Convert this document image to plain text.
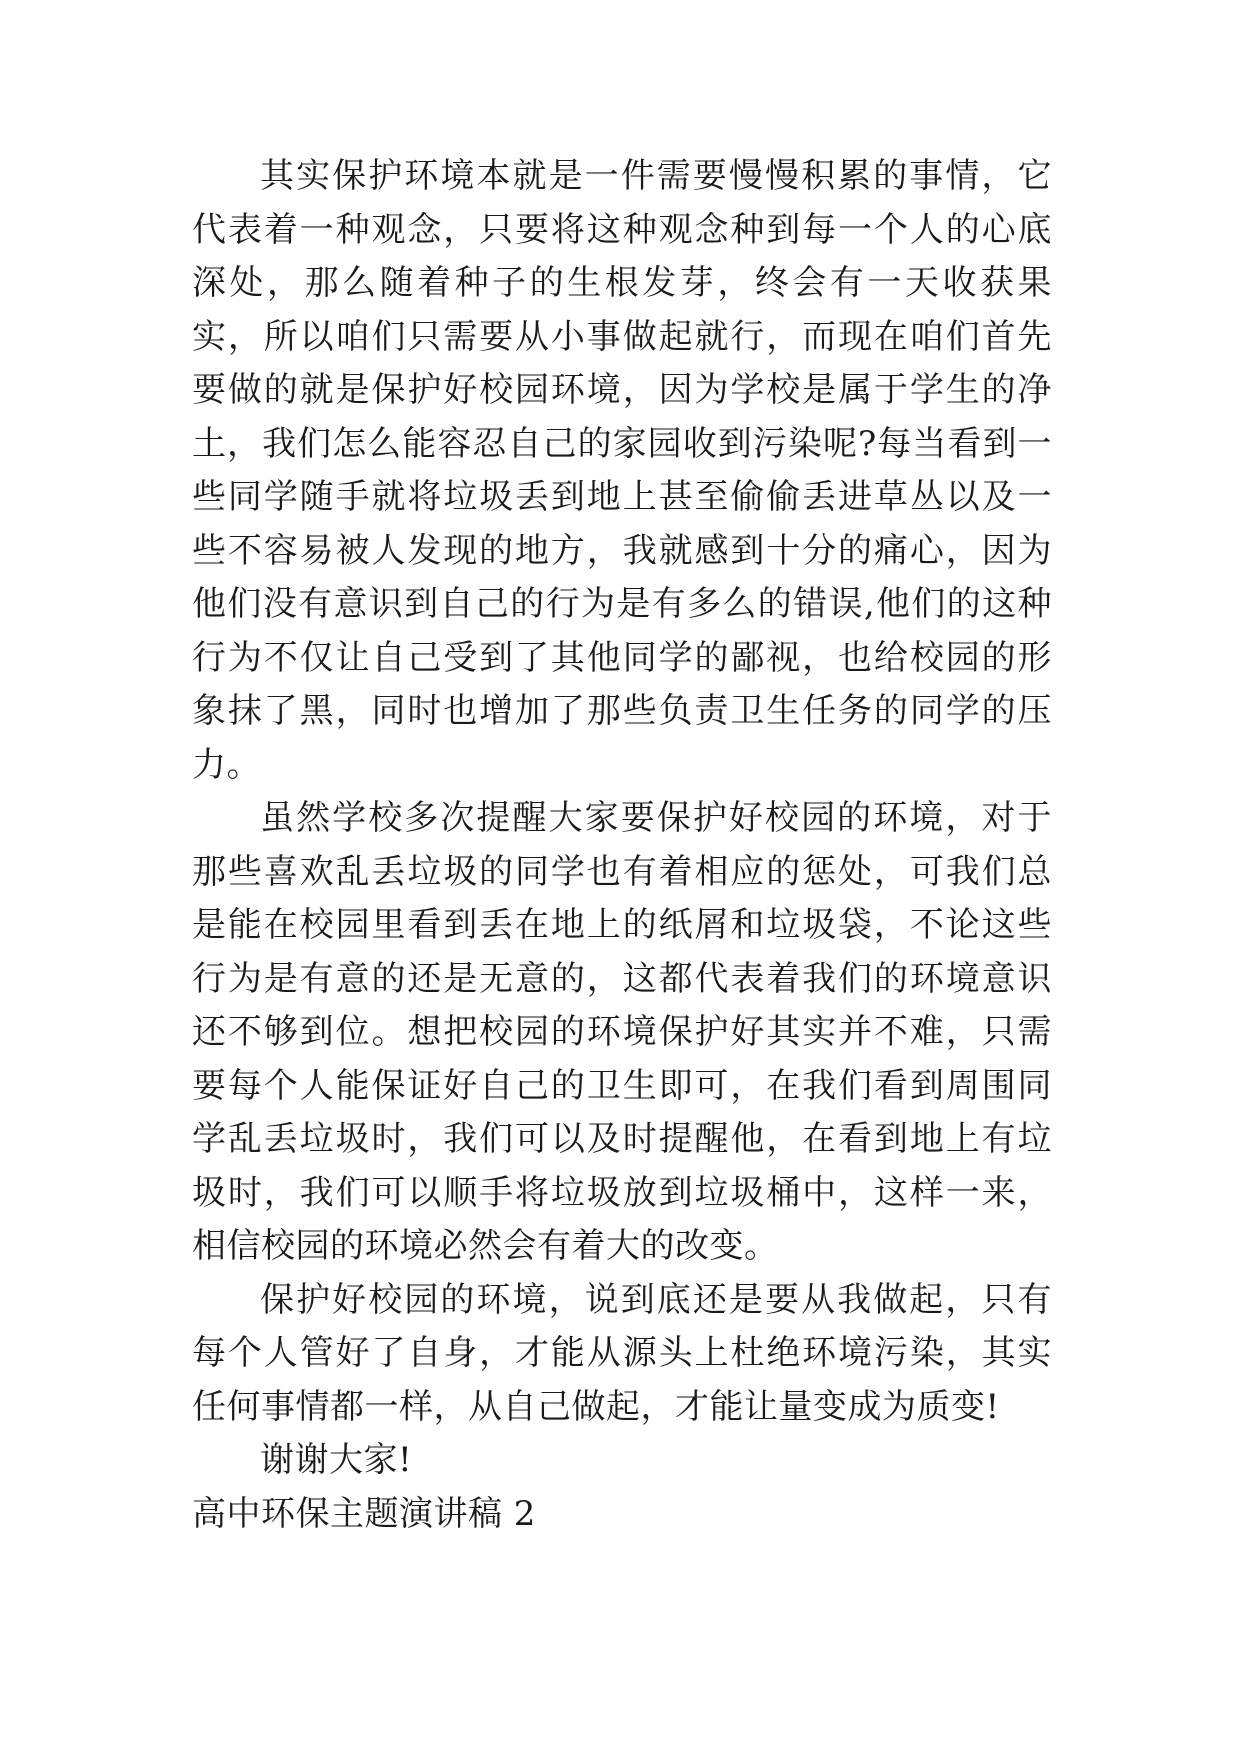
其实保护环境本就是一件需要慢慢积累的事情，它代表着一种观念，只要将这种观念种到每一个人的心底深处，那么随着种子的生根发芽，终会有一天收获果实，所以咱们只需要从小事做起就行，而现在咱们首先要做的就是保护好校园环境，因为学校是属于学生的净土，我们怎么能容忍自己的家园收到污染呢?每当看到一些同学随手就将垃圾丢到地上甚至偷偷丢进草丛以及一些不容易被人发现的地方，我就感到十分的痛心，因为他们没有意识到自己的行为是有多么的错误,他们的这种行为不仅让自己受到了其他同学的鄙视，也给校园的形象抹了黑，同时也增加了那些负责卫生任务的同学的压力。

虽然学校多次提醒大家要保护好校园的环境，对于那些喜欢乱丢垃圾的同学也有着相应的惩处，可我们总是能在校园里看到丢在地上的纸屑和垃圾袋，不论这些行为是有意的还是无意的，这都代表着我们的环境意识还不够到位。想把校园的环境保护好其实并不难，只需要每个人能保证好自己的卫生即可，在我们看到周围同学乱丢垃圾时，我们可以及时提醒他，在看到地上有垃圾时，我们可以顺手将垃圾放到垃圾桶中，这样一来，相信校园的环境必然会有着大的改变。

保护好校园的环境，说到底还是要从我做起，只有每个人管好了自身，才能从源头上杜绝环境污染，其实任何事情都一样，从自己做起，才能让量变成为质变!

谢谢大家!

高中环保主题演讲稿 2
